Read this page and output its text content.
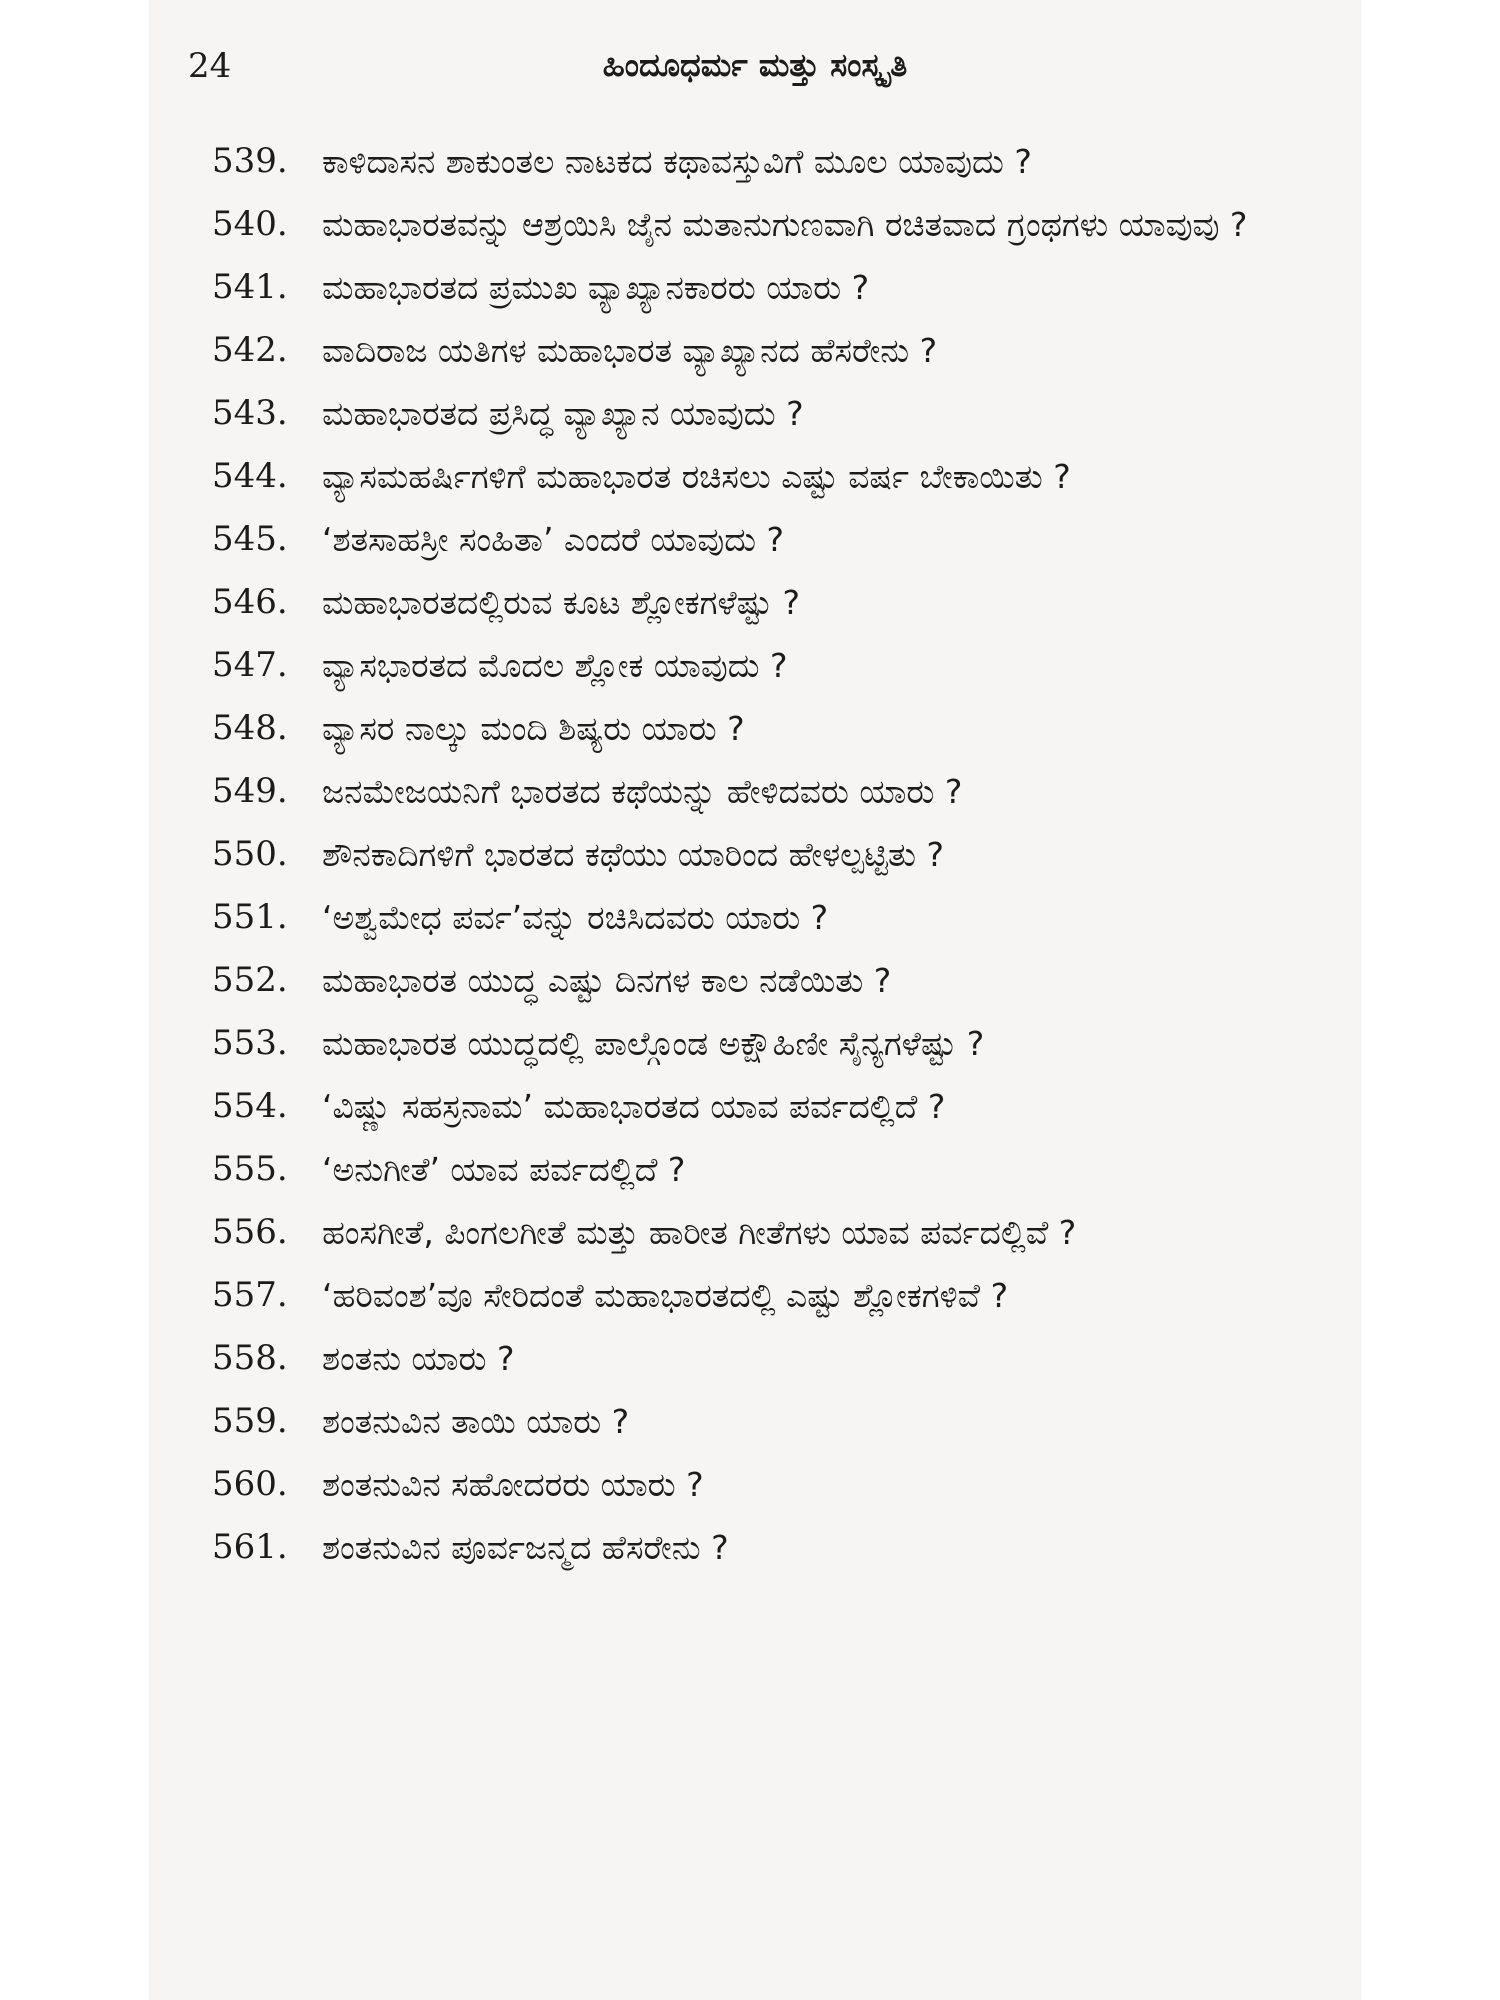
24	ಹಿಂದೂಧರ್ಮ ಮತ್ತು ಸಂಸ್ಕೃತಿ
539.	ಕಾಳಿದಾಸನ ಶಾಕುಂತಲ ನಾಟಕದ ಕಥಾವಸ್ತುವಿಗೆ ಮೂಲ ಯಾವುದು ?
540.	ಮಹಾಭಾರತವನ್ನು ಆಶ್ರಯಿಸಿ ಜೈನ ಮತಾನುಗುಣವಾಗಿ ರಚಿತವಾದ ಗ್ರಂಥಗಳು ಯಾವುವು ?
541.	ಮಹಾಭಾರತದ ಪ್ರಮುಖ ವ್ಯಾಖ್ಯಾನಕಾರರು ಯಾರು ?
542.	ವಾದಿರಾಜ ಯತಿಗಳ ಮಹಾಭಾರತ ವ್ಯಾಖ್ಯಾನದ ಹೆಸರೇನು ?
543.	ಮಹಾಭಾರತದ ಪ್ರಸಿದ್ಧ ವ್ಯಾಖ್ಯಾನ ಯಾವುದು ?
544.	ವ್ಯಾಸಮಹರ್ಷಿಗಳಿಗೆ ಮಹಾಭಾರತ ರಚಿಸಲು ಎಷ್ಟು ವರ್ಷ ಬೇಕಾಯಿತು ?
545.	‘ಶತಸಾಹಸ್ರೀ ಸಂಹಿತಾ’ ಎಂದರೆ ಯಾವುದು ?
546.	ಮಹಾಭಾರತದಲ್ಲಿರುವ ಕೂಟ ಶ್ಲೋಕಗಳೆಷ್ಟು ?
547.	ವ್ಯಾಸಭಾರತದ ಮೊದಲ ಶ್ಲೋಕ ಯಾವುದು ?
548.	ವ್ಯಾಸರ ನಾಲ್ಕು ಮಂದಿ ಶಿಷ್ಯರು ಯಾರು ?
549.	ಜನಮೇಜಯನಿಗೆ ಭಾರತದ ಕಥೆಯನ್ನು ಹೇಳಿದವರು ಯಾರು ?
550.	ಶೌನಕಾದಿಗಳಿಗೆ ಭಾರತದ ಕಥೆಯು ಯಾರಿಂದ ಹೇಳಲ್ಪಟ್ಟಿತು ?
551.	‘ಅಶ್ವಮೇಧ ಪರ್ವ’ವನ್ನು ರಚಿಸಿದವರು ಯಾರು ?
552.	ಮಹಾಭಾರತ ಯುದ್ಧ ಎಷ್ಟು ದಿನಗಳ ಕಾಲ ನಡೆಯಿತು ?
553.	ಮಹಾಭಾರತ ಯುದ್ಧದಲ್ಲಿ ಪಾಲ್ಗೊಂಡ ಅಕ್ಷೌಹಿಣೀ ಸೈನ್ಯಗಳೆಷ್ಟು ?
554.	‘ವಿಷ್ಣು ಸಹಸ್ರನಾಮ’ ಮಹಾಭಾರತದ ಯಾವ ಪರ್ವದಲ್ಲಿದೆ ?
555.	‘ಅನುಗೀತೆ’ ಯಾವ ಪರ್ವದಲ್ಲಿದೆ ?
556.	ಹಂಸಗೀತೆ, ಪಿಂಗಲಗೀತೆ ಮತ್ತು ಹಾರೀತ ಗೀತೆಗಳು ಯಾವ ಪರ್ವದಲ್ಲಿವೆ ?
557.	‘ಹರಿವಂಶ’ವೂ ಸೇರಿದಂತೆ ಮಹಾಭಾರತದಲ್ಲಿ ಎಷ್ಟು ಶ್ಲೋಕಗಳಿವೆ ?
558.	ಶಂತನು ಯಾರು ?
559.	ಶಂತನುವಿನ ತಾಯಿ ಯಾರು ?
560.	ಶಂತನುವಿನ ಸಹೋದರರು ಯಾರು ?
561.	ಶಂತನುವಿನ ಪೂರ್ವಜನ್ಮದ ಹೆಸರೇನು ?
